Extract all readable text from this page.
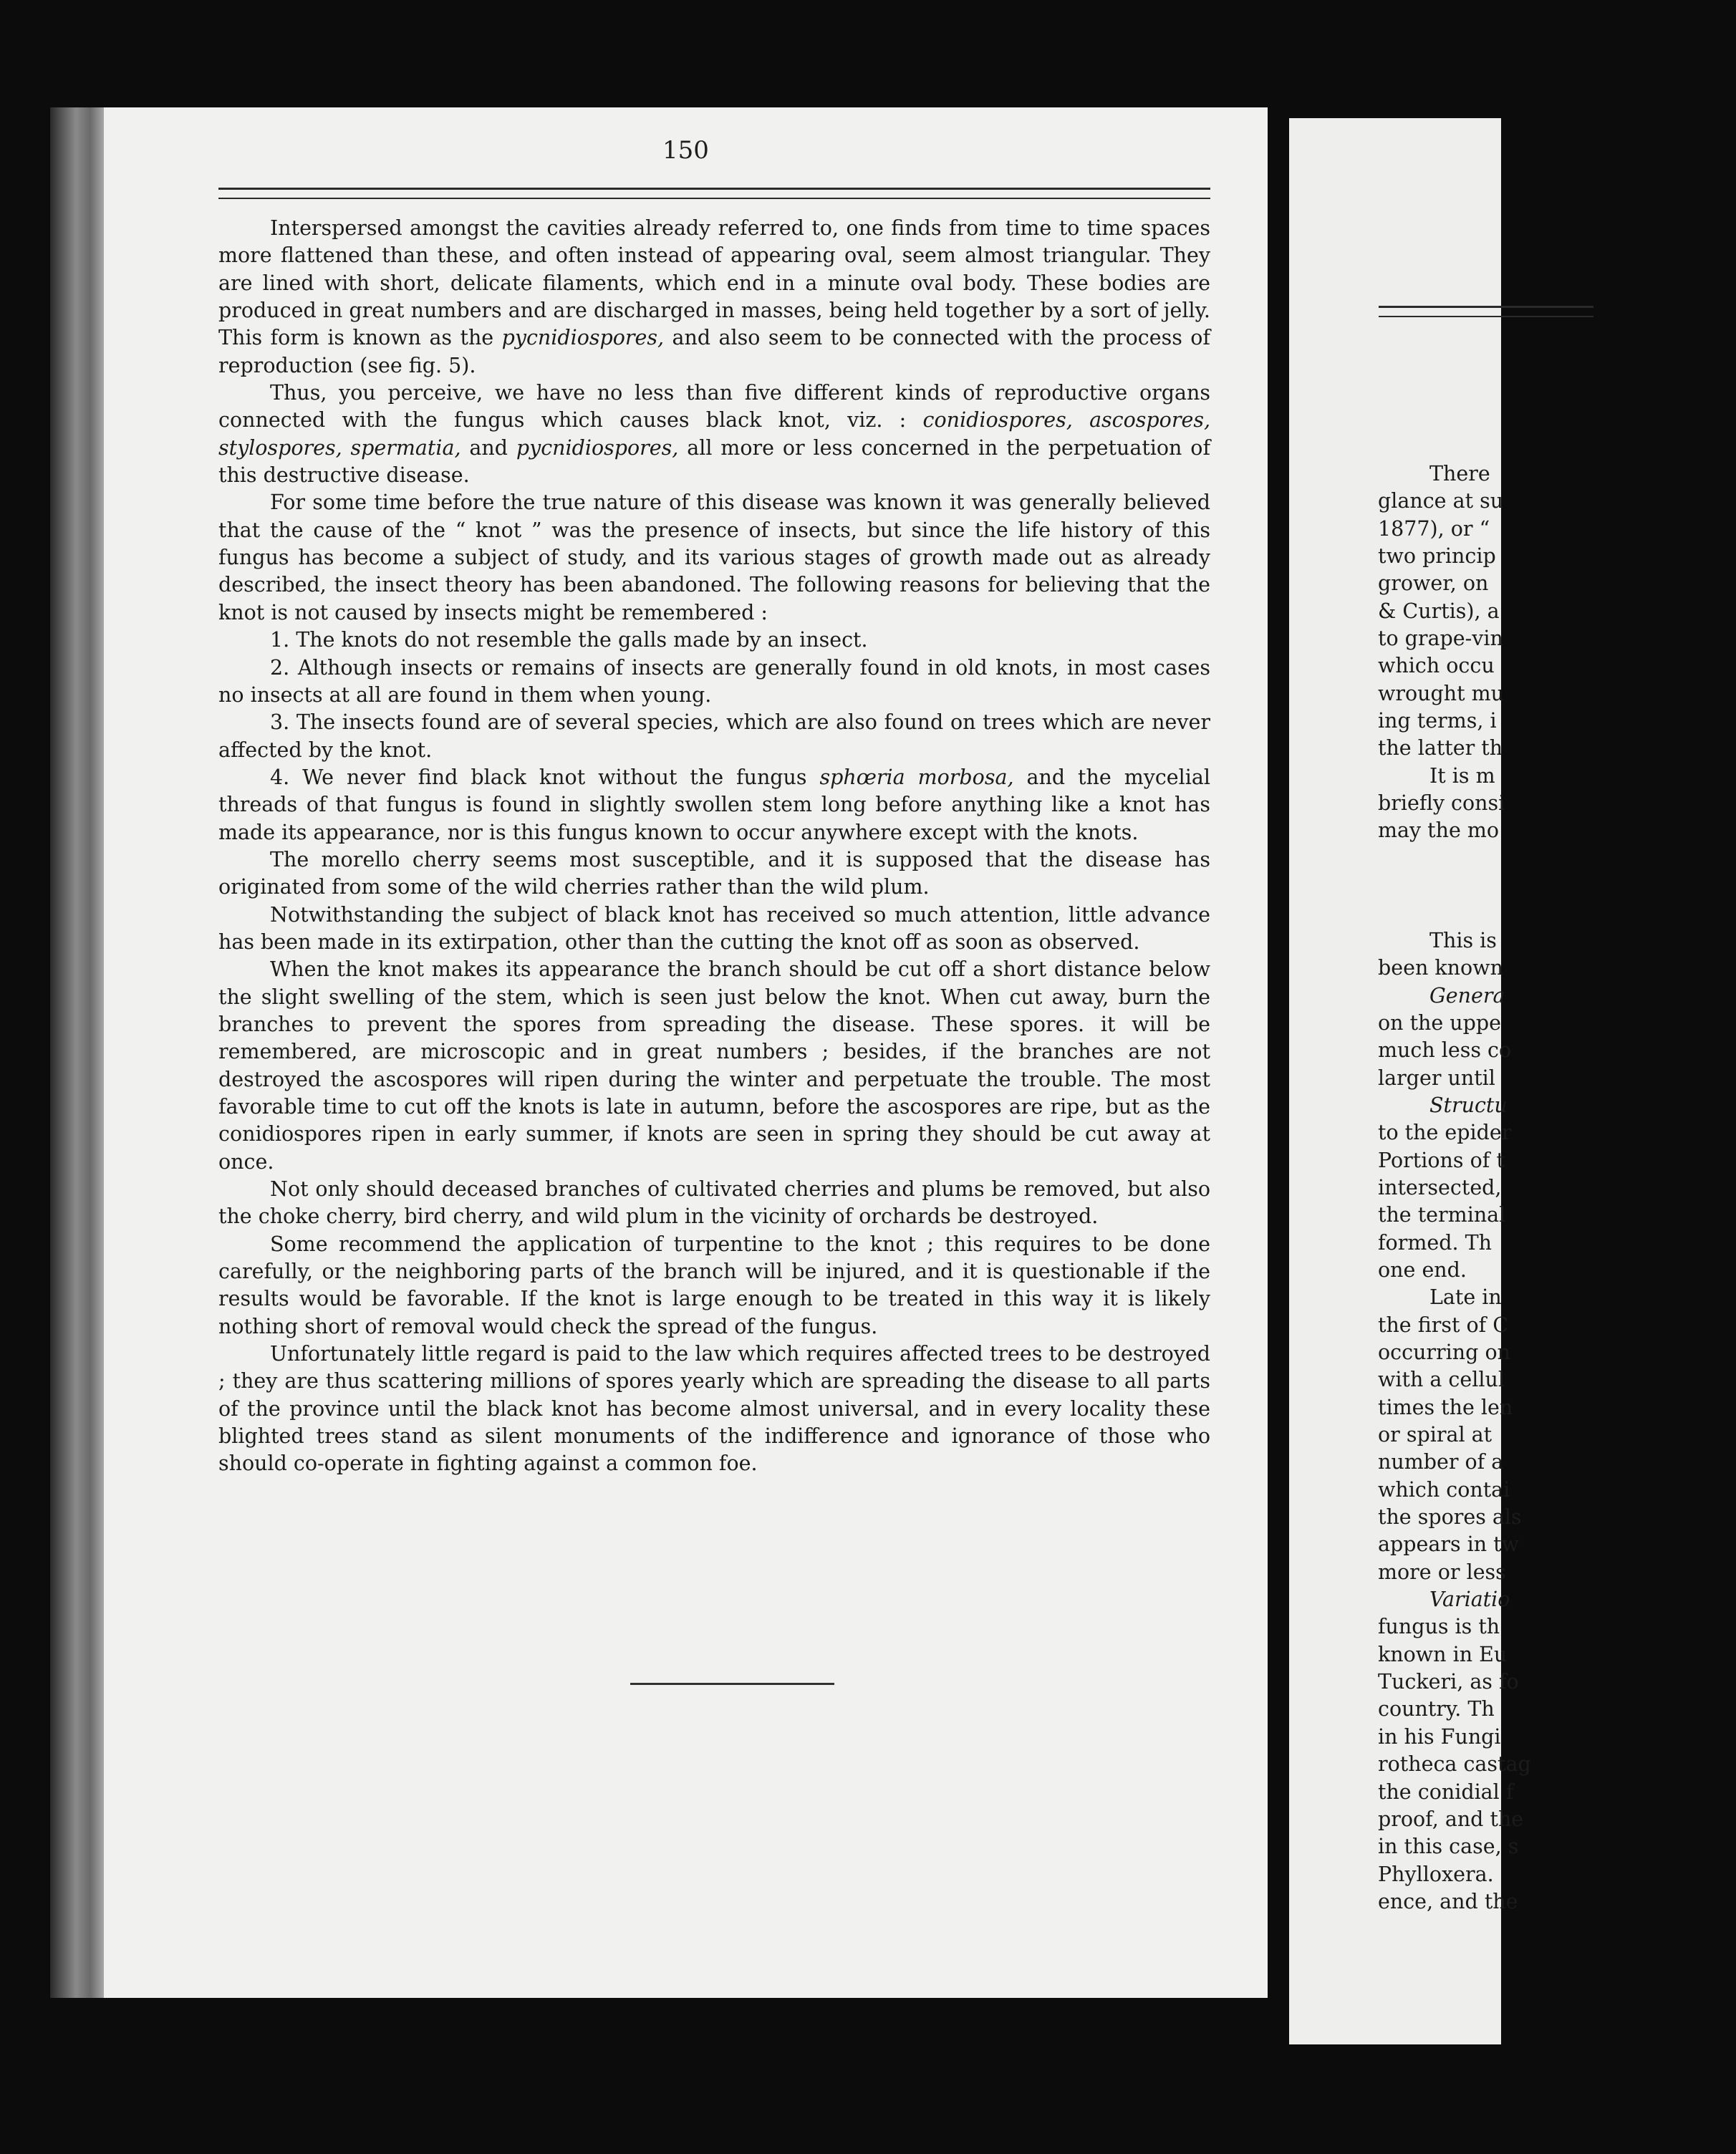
There
glance at su
1877), or “
two princip
grower, on
& Curtis), a
to grape-vin
which occu
wrought mu
ing terms, i
the latter th
It is m
briefly consi
may the mo
This is
been known
Genera
on the uppe
much less co
larger until
Structu
to the epider
Portions of t
intersected,
the terminal
formed. Th
one end.
Late in
the first of C
occurring on
with a cellul
times the len
or spiral at
number of a
which contai
the spores als
appears in tw
more or less
Variatio
fungus is th
known in Eu
Tuckeri, as fo
country. Th
in his Fungi
rotheca castag
the conidial f
proof, and the
in this case, s
Phylloxera.
ence, and the
150

Interspersed amongst the cavities already referred to, one finds from time to time spaces more flattened than these, and often instead of appearing oval, seem almost triangular. They are lined with short, delicate filaments, which end in a minute oval body. These bodies are produced in great numbers and are discharged in masses, being held together by a sort of jelly. This form is known as the pycnidiospores, and also seem to be connected with the process of reproduction (see fig. 5).

Thus, you perceive, we have no less than five different kinds of reproductive organs connected with the fungus which causes black knot, viz. : conidiospores, ascospores, stylospores, spermatia, and pycnidiospores, all more or less concerned in the perpetuation of this destructive disease.

For some time before the true nature of this disease was known it was generally believed that the cause of the “ knot ” was the presence of insects, but since the life history of this fungus has become a subject of study, and its various stages of growth made out as already described, the insect theory has been abandoned. The following reasons for believing that the knot is not caused by insects might be remembered :

1. The knots do not resemble the galls made by an insect.

2. Although insects or remains of insects are generally found in old knots, in most cases no insects at all are found in them when young.

3. The insects found are of several species, which are also found on trees which are never affected by the knot.

4. We never find black knot without the fungus sphœria morbosa, and the mycelial threads of that fungus is found in slightly swollen stem long before anything like a knot has made its appearance, nor is this fungus known to occur anywhere except with the knots.

The morello cherry seems most susceptible, and it is supposed that the disease has originated from some of the wild cherries rather than the wild plum.

Notwithstanding the subject of black knot has received so much attention, little advance has been made in its extirpation, other than the cutting the knot off as soon as observed.

When the knot makes its appearance the branch should be cut off a short distance below the slight swelling of the stem, which is seen just below the knot. When cut away, burn the branches to prevent the spores from spreading the disease. These spores. it will be remembered, are microscopic and in great numbers ; besides, if the branches are not destroyed the ascospores will ripen during the winter and perpetuate the trouble. The most favorable time to cut off the knots is late in autumn, before the ascospores are ripe, but as the conidiospores ripen in early summer, if knots are seen in spring they should be cut away at once.

Not only should deceased branches of cultivated cherries and plums be removed, but also the choke cherry, bird cherry, and wild plum in the vicinity of orchards be destroyed.

Some recommend the application of turpentine to the knot ; this requires to be done carefully, or the neighboring parts of the branch will be injured, and it is questionable if the results would be favorable. If the knot is large enough to be treated in this way it is likely nothing short of removal would check the spread of the fungus.

Unfortunately little regard is paid to the law which requires affected trees to be destroyed ; they are thus scattering millions of spores yearly which are spreading the disease to all parts of the province until the black knot has become almost universal, and in every locality these blighted trees stand as silent monuments of the indifference and ignorance of those who should co-operate in fighting against a common foe.
